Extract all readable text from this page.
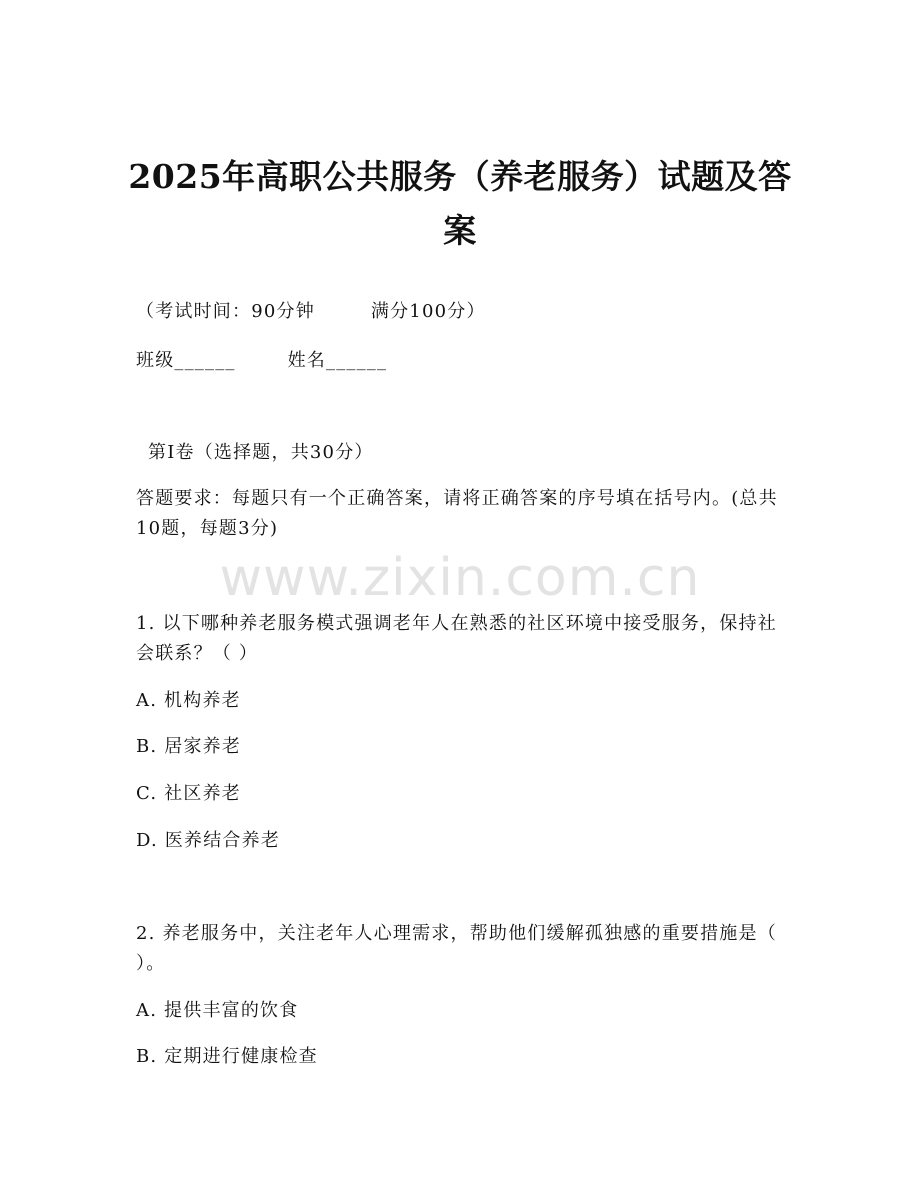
www.zixin.com.cn
2025年高职公共服务（养老服务）试题及答案
（考试时间：90分钟	满分100分）
班级______	姓名______
第I卷（选择题，共30分）
答题要求：每题只有一个正确答案，请将正确答案的序号填在括号内。(总共10题，每题3分)
1. 以下哪种养老服务模式强调老年人在熟悉的社区环境中接受服务，保持社会联系？（ ）
A. 机构养老
B. 居家养老
C. 社区养老
D. 医养结合养老
2. 养老服务中，关注老年人心理需求，帮助他们缓解孤独感的重要措施是（ ）。
A. 提供丰富的饮食
B. 定期进行健康检查
